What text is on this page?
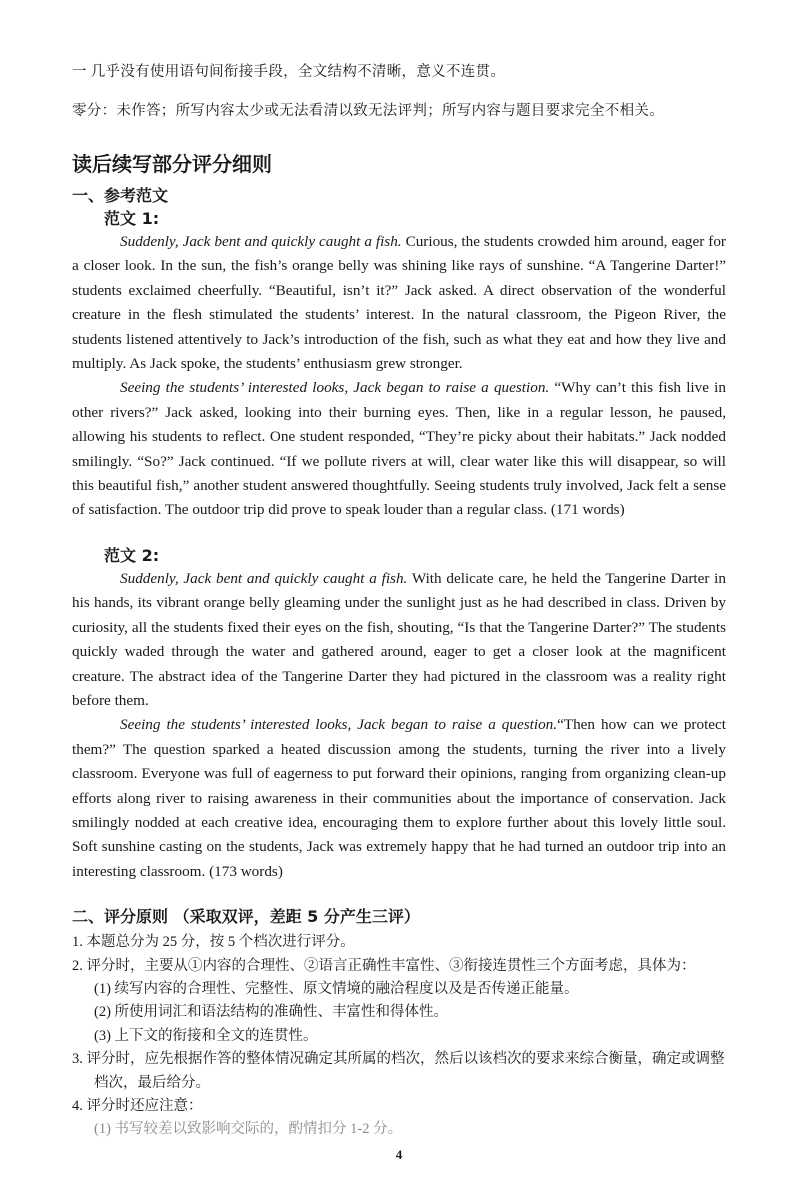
一 几乎没有使用语句间衔接手段，全文结构不清晰，意义不连贯。
零分：未作答；所写内容太少或无法看清以致无法评判；所写内容与题目要求完全不相关。
读后续写部分评分细则
一、参考范文
范文 1:

Suddenly, Jack bent and quickly caught a fish. Curious, the students crowded him around, eager for a closer look. In the sun, the fish’s orange belly was shining like rays of sunshine. “A Tangerine Darter!” students exclaimed cheerfully. “Beautiful, isn’t it?” Jack asked. A direct observation of the wonderful creature in the flesh stimulated the students’ interest. In the natural classroom, the Pigeon River, the students listened attentively to Jack’s introduction of the fish, such as what they eat and how they live and multiply. As Jack spoke, the students’ enthusiasm grew stronger.

Seeing the students’ interested looks, Jack began to raise a question. “Why can’t this fish live in other rivers?” Jack asked, looking into their burning eyes. Then, like in a regular lesson, he paused, allowing his students to reflect. One student responded, “They’re picky about their habitats.” Jack nodded smilingly. “So?” Jack continued. “If we pollute rivers at will, clear water like this will disappear, so will this beautiful fish,” another student answered thoughtfully. Seeing students truly involved, Jack felt a sense of satisfaction. The outdoor trip did prove to speak louder than a regular class. (171 words)

范文 2:

Suddenly, Jack bent and quickly caught a fish. With delicate care, he held the Tangerine Darter in his hands, its vibrant orange belly gleaming under the sunlight just as he had described in class. Driven by curiosity, all the students fixed their eyes on the fish, shouting, “Is that the Tangerine Darter?” The students quickly waded through the water and gathered around, eager to get a closer look at the magnificent creature. The abstract idea of the Tangerine Darter they had pictured in the classroom was a reality right before them.

Seeing the students’ interested looks, Jack began to raise a question.“Then how can we protect them?” The question sparked a heated discussion among the students, turning the river into a lively classroom. Everyone was full of eagerness to put forward their opinions, ranging from organizing clean-up efforts along river to raising awareness in their communities about the importance of conservation. Jack smilingly nodded at each creative idea, encouraging them to explore further about this lovely little soul. Soft sunshine casting on the students, Jack was extremely happy that he had turned an outdoor trip into an interesting classroom. (173 words)

二、评分原则 （采取双评，差距 5 分产生三评）
1. 本题总分为 25 分，按 5 个档次进行评分。
2. 评分时，主要从①内容的合理性、②语言正确性丰富性、③衔接连贯性三个方面考虑，具体为：
(1) 续写内容的合理性、完整性、原文情境的融洽程度以及是否传递正能量。
(2) 所使用词汇和语法结构的准确性、丰富性和得体性。
(3) 上下文的衔接和全文的连贯性。
3. 评分时，应先根据作答的整体情况确定其所属的档次，然后以该档次的要求来综合衡量，确定或调整档次，最后给分。
4. 评分时还应注意：
(1) 书写较差以致影响交际的，酌情扣分 1-2 分。
4
